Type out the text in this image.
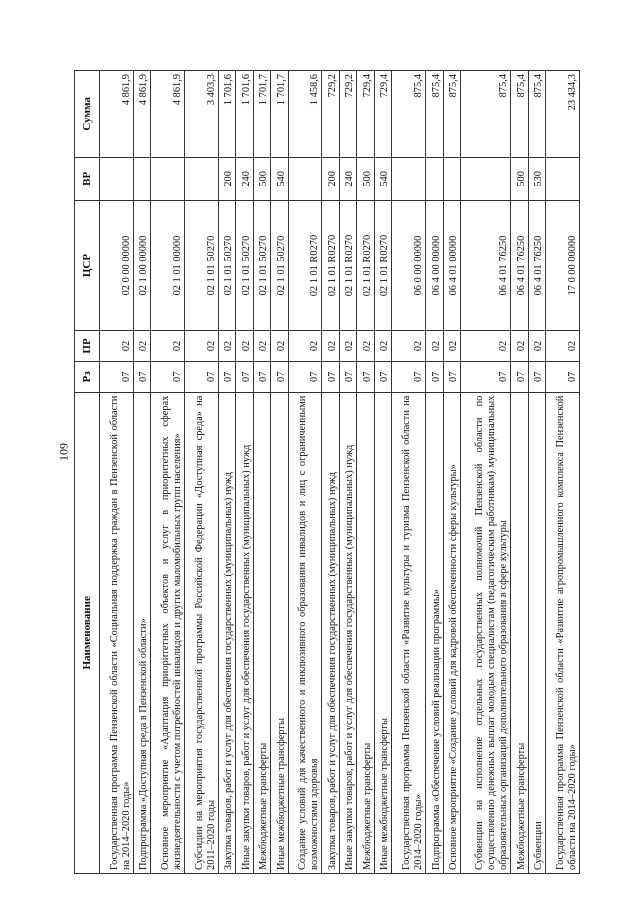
109
Наименование	Рз	ПР	ЦСР	ВР	Сумма
Государственная программа Пензенской области «Социальная поддержка граждан в Пензенской области на 2014–2020 годы»	07	02	02 0 00 00000		4 861,9
Подпрограмма «Доступная среда в Пензенской области»	07	02	02 1 00 00000		4 861,9
Основное мероприятие «Адаптация приоритетных объектов и услуг в приоритетных сферах жизнедеятельности с учетом потребностей инвалидов и других маломобильных групп населения»	07	02	02 1 01 00000		4 861,9
Субсидии на мероприятия государственной программы Российской Федерации «Доступная среда» на 2011–2020 годы	07	02	02 1 01 50270		3 403,3
Закупка товаров, работ и услуг для обеспечения государственных (муниципальных) нужд	07	02	02 1 01 50270	200	1 701,6
Иные закупки товаров, работ и услуг для обеспечения государственных (муниципальных) нужд	07	02	02 1 01 50270	240	1 701,6
Межбюджетные трансферты	07	02	02 1 01 50270	500	1 701,7
Иные межбюджетные трансферты	07	02	02 1 01 50270	540	1 701,7
Создание условий для качественного и инклюзивного образования инвалидов и лиц с ограниченными возможностями здоровья	07	02	02 1 01 R0270		1 458,6
Закупка товаров, работ и услуг для обеспечения государственных (муниципальных) нужд	07	02	02 1 01 R0270	200	729,2
Иные закупки товаров, работ и услуг для обеспечения государственных (муниципальных) нужд	07	02	02 1 01 R0270	240	729,2
Межбюджетные трансферты	07	02	02 1 01 R0270	500	729,4
Иные межбюджетные трансферты	07	02	02 1 01 R0270	540	729,4
Государственная программа Пензенской области «Развитие культуры и туризма Пензенской области на 2014–2020 годы»	07	02	06 0 00 00000		875,4
Подпрограмма «Обеспечение условий реализации программы»	07	02	06 4 00 00000		875,4
Основное мероприятие «Создание условий для кадровой обеспеченности сферы культуры»	07	02	06 4 01 00000		875,4
Субвенции на исполнение отдельных государственных полномочий Пензенской области по осуществлению денежных выплат молодым специалистам (педагогическим работникам) муниципальных образовательных организаций дополнительного образования в сфере культуры	07	02	06 4 01 76250		875,4
Межбюджетные трансферты	07	02	06 4 01 76250	500	875,4
Субвенции	07	02	06 4 01 76250	530	875,4
Государственная программа Пензенской области «Развитие агропромышленного комплекса Пензенской области на 2014–2020 годы»	07	02	17 0 00 00000		23 434,3
